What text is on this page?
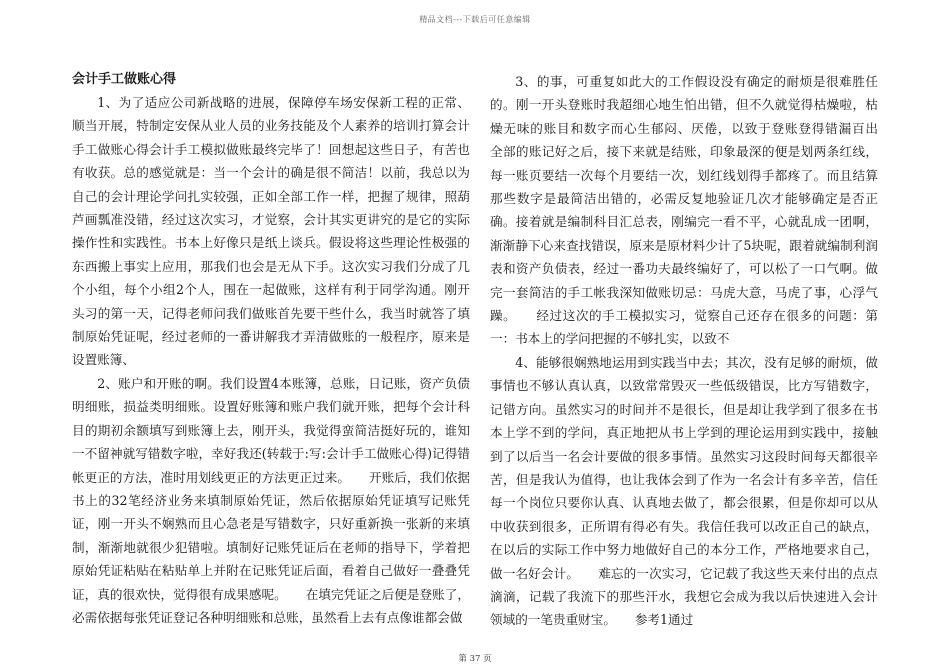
精品文档---下载后可任意编辑
会计手工做账心得

1、为了适应公司新战略的进展，保障停车场安保新工程的正常、顺当开展，特制定安保从业人员的业务技能及个人素养的培训打算会计手工做账心得会计手工模拟做账最终完毕了！回想起这些日子，有苦也有收获。总的感觉就是：当一个会计的确是很不简洁！以前，我总以为自己的会计理论学问扎实较强，正如全部工作一样，把握了规律，照葫芦画瓢准没错，经过这次实习，才觉察，会计其实更讲究的是它的实际操作性和实践性。书本上好像只是纸上谈兵。假设将这些理论性极强的东西搬上事实上应用，那我们也会是无从下手。这次实习我们分成了几个小组，每个小组2个人，围在一起做账，这样有利于同学沟通。刚开头习的第一天，记得老师问我们做账首先要干些什么，我当时就答了填制原始凭证呢，经过老师的一番讲解我才弄清做账的一般程序，原来是设置账簿、

2、账户和开账的啊。我们设置4本账簿，总账，日记账，资产负债明细账，损益类明细账。设置好账簿和账户我们就开账，把每个会计科目的期初余额填写到账簿上去，刚开头，我觉得蛮简洁挺好玩的，谁知一不留神就写错数字啦，幸好我还(转载于:写:会计手工做账心得)记得错帐更正的方法，准时用划线更正的方法更正过来。　　开账后，我们依据书上的32笔经济业务来填制原始凭证，然后依据原始凭证填写记账凭证，刚一开头不娴熟而且心急老是写错数字，只好重新换一张新的来填制，渐渐地就很少犯错啦。填制好记账凭证后在老师的指导下，学着把原始凭证粘贴在粘贴单上并附在记账凭证后面，看着自己做好一叠叠凭证，真的很欢快，觉得很有成果感呢。　　在填完凭证之后便是登账了，必需依据每张凭证登记各种明细账和总账，虽然看上去有点像谁都会做

3、的事，可重复如此大的工作假设没有确定的耐烦是很难胜任的。刚一开头登账时我超细心地生怕出错，但不久就觉得枯燥啦，枯燥无味的账目和数字而心生郁闷、厌倦，以致于登账登得错漏百出　　全部的账记好之后，接下来就是结账，印象最深的便是划两条红线，每一账页要结一次每个月要结一次，划红线划得手都疼了。而且结算那些数字是最简洁出错的，必需反复地验证几次才能够确定是否正确。接着就是编制科目汇总表，刚编完一看不平，心就乱成一团啊，渐渐静下心来查找错误，原来是原材料少计了5块呢，跟着就编制利润表和资产负债表，经过一番功夫最终编好了，可以松了一口气啊。做完一套简洁的手工帐我深知做账切忌：马虎大意，马虎了事，心浮气躁。　　经过这次的手工模拟实习，觉察自己还存在很多的问题：第一：书本上的学问把握的不够扎实，以致不

4、能够很娴熟地运用到实践当中去；其次，没有足够的耐烦，做事情也不够认真认真，以致常常毁灭一些低级错误，比方写错数字，记错方向。虽然实习的时间并不是很长，但是却让我学到了很多在书本上学不到的学问，真正地把从书上学到的理论运用到实践中，接触到了以后当一名会计要做的很多事情。虽然实习这段时间每天都很辛苦，但是我认为值得，也让我体会到了作为一名会计有多辛苦，信任每一个岗位只要你认真、认真地去做了，都会很累，但是你却可以从中收获到很多，正所谓有得必有失。我信任我可以改正自己的缺点，在以后的实际工作中努力地做好自己的本分工作，严格地要求自己，做一名好会计。　　难忘的一次实习，它记载了我这些天来付出的点点滴滴，记载了我流下的那些汗水，我想它会成为我以后快速进入会计领域的一笔贵重财宝。　　参考1通过

第 37 页
